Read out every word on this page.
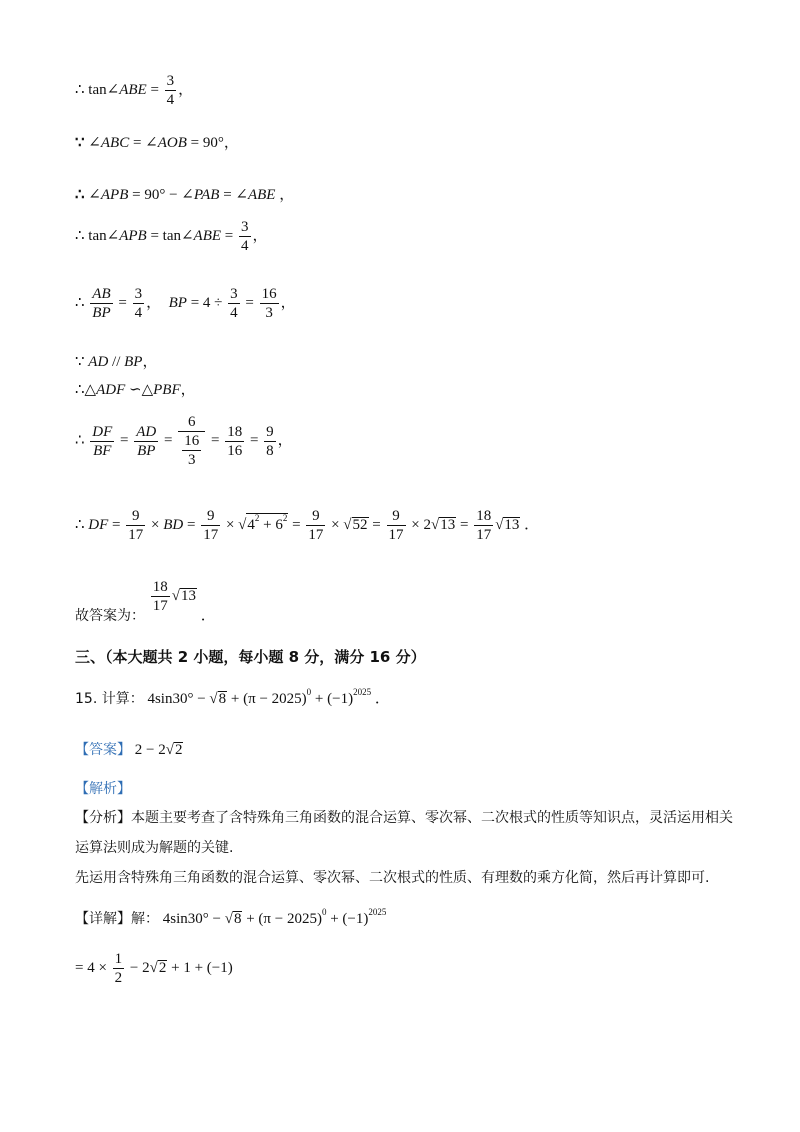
∴ tan∠ABE = $\frac{3}{4}$ ，
∵ ∠ABC = ∠AOB = 90°，
∴ ∠APB = 90° − ∠PAB = ∠ABE ，
∴ tan∠APB = tan∠ABE = $\frac{3}{4}$ ，
∴ $\frac{AB}{BP} = \frac{3}{4}$ ，  BP = $4 \div \frac{3}{4} = \frac{16}{3}$ ，
∵ AD // BP，
∴△ADF ∽△PBF，
∴ $\frac{DF}{BF} = \frac{AD}{BP} = \frac{6}{\frac{16}{3}} = \frac{18}{16} = \frac{9}{8}$ ，
∴ DF = $\frac{9}{17}$ × BD = $\frac{9}{17} \times √4^2 + 6^2 = \frac{9}{17} \times √52 = \frac{9}{17} \times 2√13 = \frac{18}{17} √13$ ．
故答案为：
$\frac{18}{17} √13$ ．
三、（本大题共 2 小题，每小题 8 分，满分 16 分）
15. 计算： $4\sin 30^\circ - √8 + (\pi - 2025)^0 + (-1)^{2025}$ ．
【答案】 2 − 2√2
【解析】
【分析】本题主要考查了含特殊角三角函数的混合运算、零次幂、二次根式的性质等知识点，灵活运用相关运算法则成为解题的关键.
先运用含特殊角三角函数的混合运算、零次幂、二次根式的性质、有理数的乘方化简，然后再计算即可.
【详解】解： $4\sin 30^\circ - √8 + (\pi - 2025)^0 + (-1)^{2025}$
= $4 \times \frac{1}{2} - 2√2 + 1 + (-1)$
